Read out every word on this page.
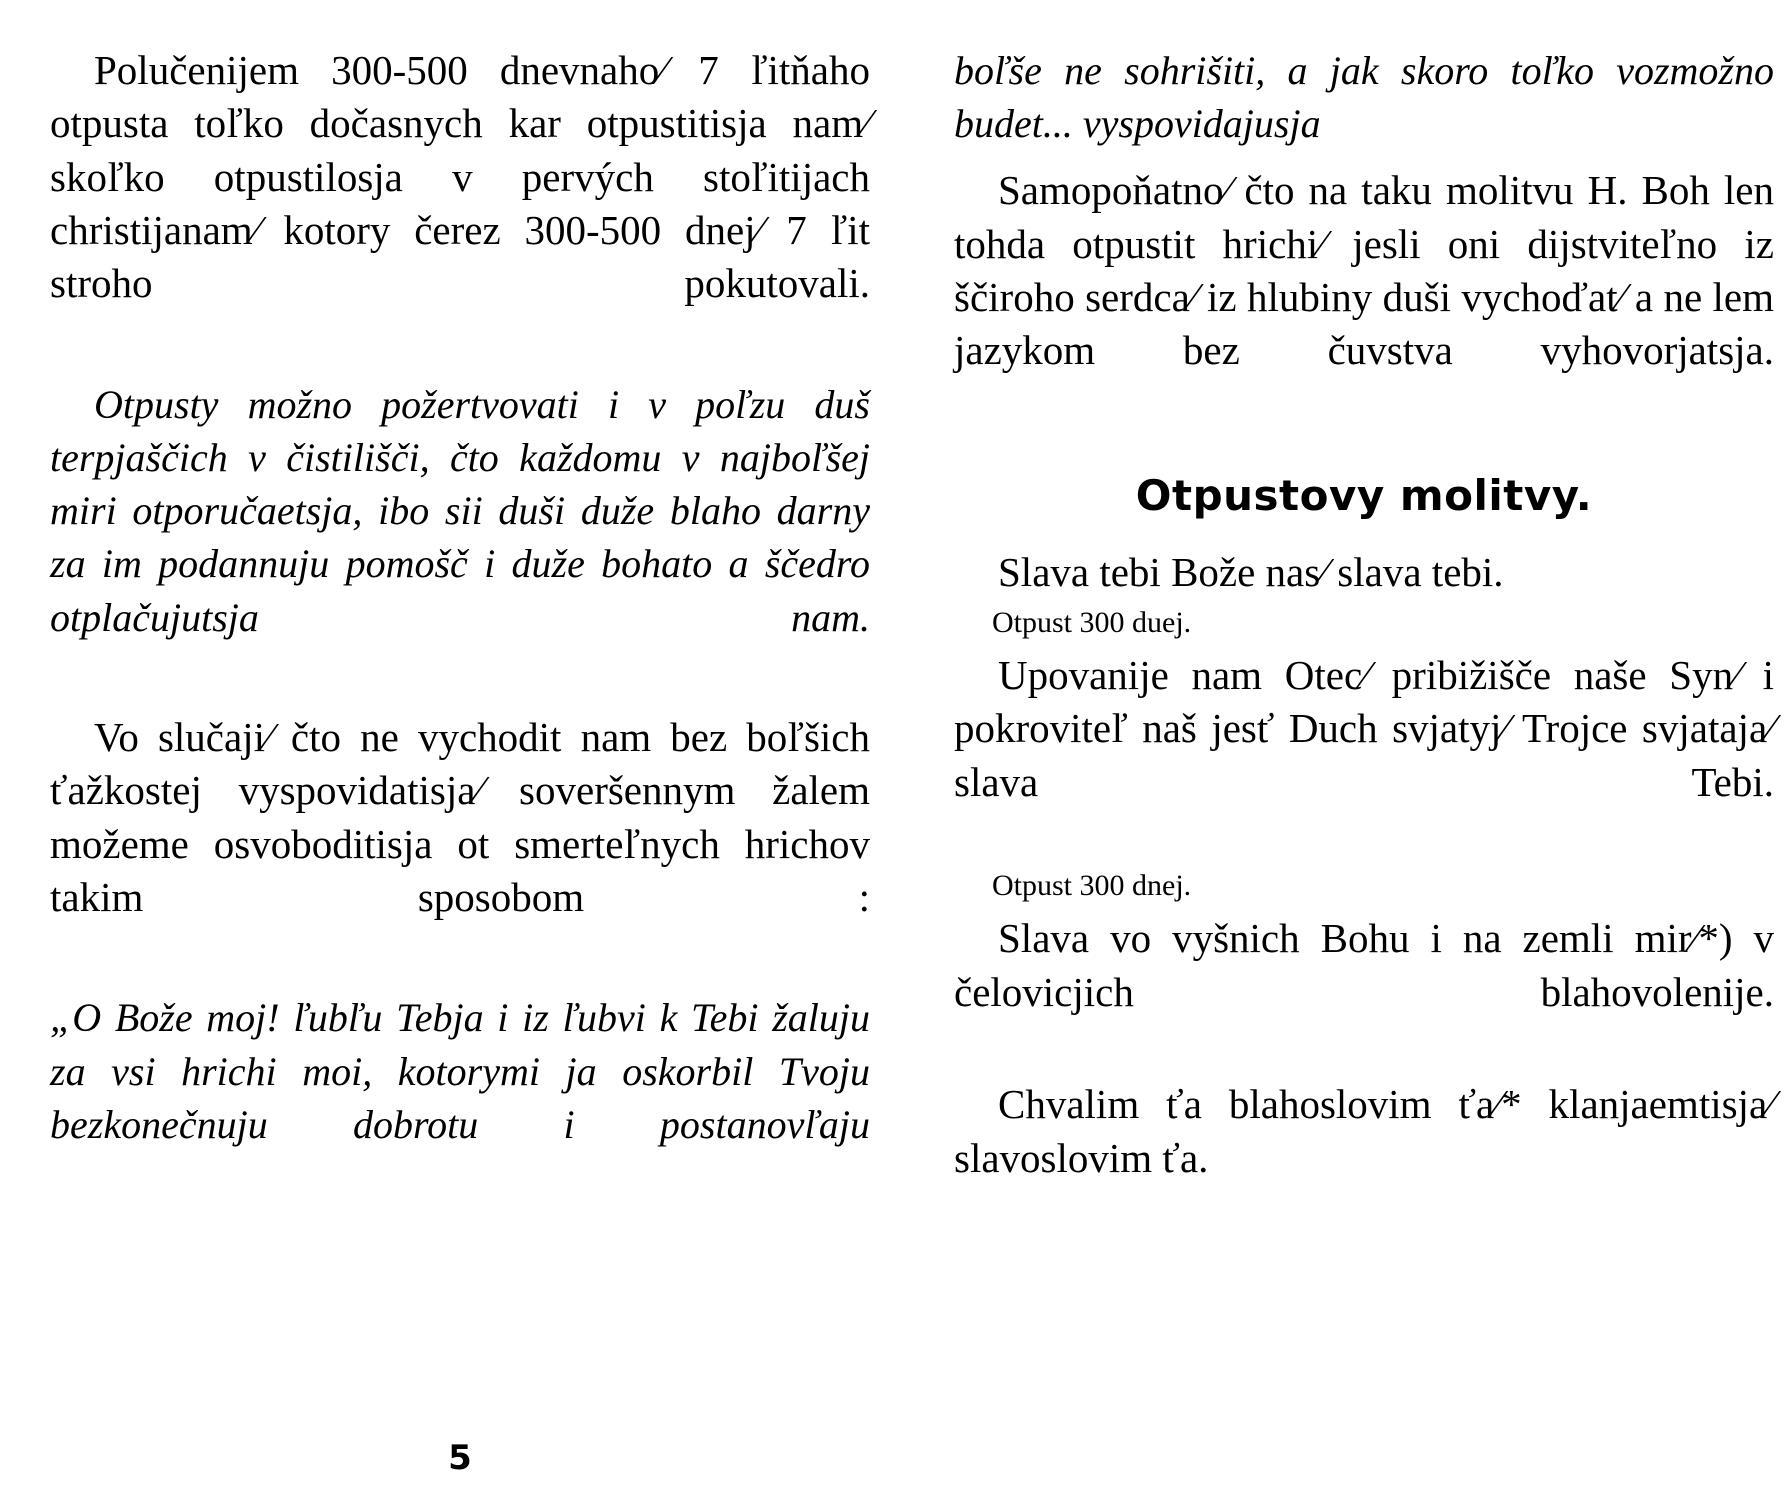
Polučenijem 300-500 dnevnaho⁄ 7 ľitňaho otpusta toľko dočasnych kar otpustitisja nam⁄ skoľko otpustilosja v pervých stoľitijach christijanam⁄ kotory čerez 300-500 dnej⁄ 7 ľit stroho pokutovali.

Otpusty možno požertvovati i v poľzu duš terpjaščich v čistilišči, čto každomu v najboľšej miri otporučaetsja, ibo sii duši duže blaho darny za im podannuju pomošč i duže bohato a ščedro otplačujutsja nam.

Vo slučaji⁄ čto ne vychodit nam bez boľšich ťažkostej vyspovidatisja⁄ soveršennym žalem možeme osvoboditisja ot smerteľnych hrichov takim sposobom :

„O Bože moj! ľubľu Tebja i iz ľubvi k Tebi žaluju za vsi hrichi moi, kotorymi ja oskorbil Tvoju bezkonečnuju dobrotu i postanovľaju

boľše ne sohrišiti, a jak skoro toľko vozmožno budet... vyspovidajusja

Samopoňatno⁄ čto na taku molitvu H. Boh len tohda otpustit hrichi⁄ jesli oni dijstviteľno iz ščiroho serdca⁄ iz hlubiny duši vychoďat⁄ a ne lem jazykom bez čuvstva vyhovorjatsja.

Otpustovy molitvy.

Slava tebi Bože nas⁄ slava tebi.

Otpust 300 duej.

Upovanije nam Otec⁄ pribižišče naše Syn⁄ i pokroviteľ naš jesť Duch svjatyj⁄ Trojce svjataja⁄ slava Tebi.

Otpust 300 dnej.

Slava vo vyšnich Bohu i na zemli mir⁄*) v čelovicjich blahovolenije.

Chvalim ťa blahoslovim ťa⁄* klanjaemtisja⁄ slavoslovim ťa.

5
